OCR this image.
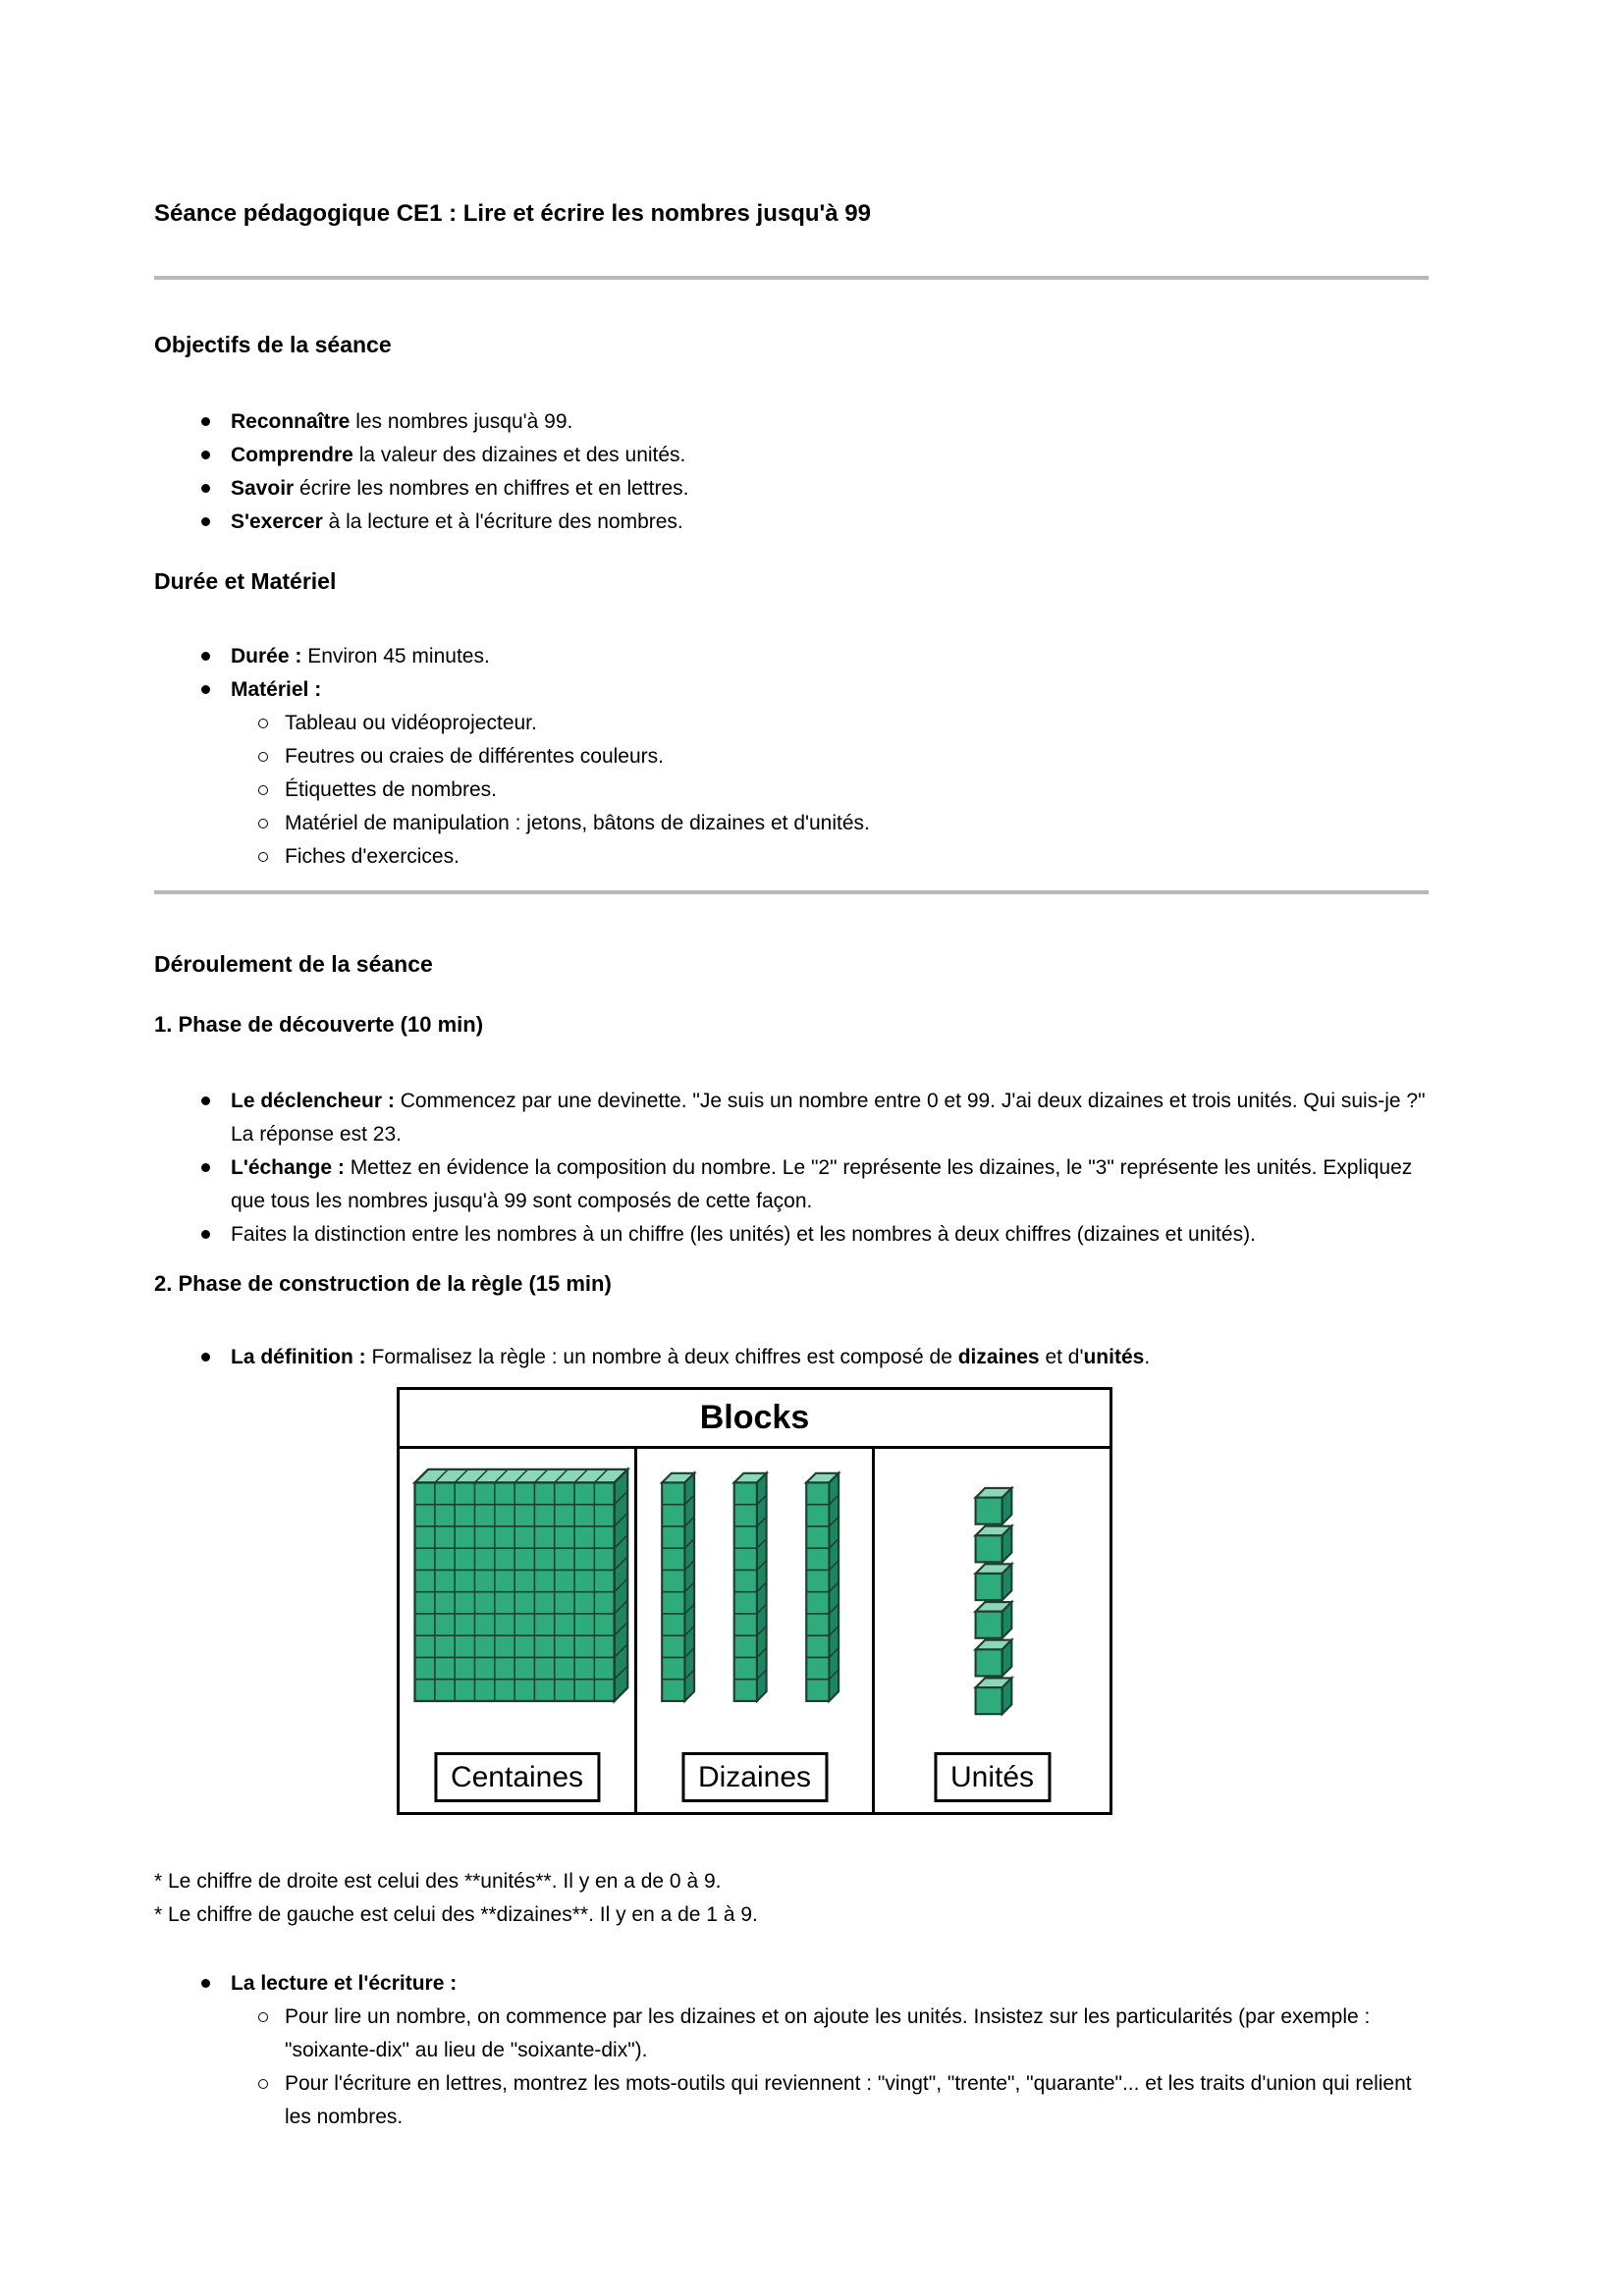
Séance pédagogique CE1 : Lire et écrire les nombres jusqu'à 99
Objectifs de la séance
Reconnaître les nombres jusqu'à 99.
Comprendre la valeur des dizaines et des unités.
Savoir écrire les nombres en chiffres et en lettres.
S'exercer à la lecture et à l'écriture des nombres.
Durée et Matériel
Durée : Environ 45 minutes.
Matériel :
Tableau ou vidéoprojecteur.
Feutres ou craies de différentes couleurs.
Étiquettes de nombres.
Matériel de manipulation : jetons, bâtons de dizaines et d'unités.
Fiches d'exercices.
Déroulement de la séance
1. Phase de découverte (10 min)
Le déclencheur : Commencez par une devinette. "Je suis un nombre entre 0 et 99. J'ai deux dizaines et trois unités. Qui suis-je ?" La réponse est 23.
L'échange : Mettez en évidence la composition du nombre. Le "2" représente les dizaines, le "3" représente les unités. Expliquez que tous les nombres jusqu'à 99 sont composés de cette façon.
Faites la distinction entre les nombres à un chiffre (les unités) et les nombres à deux chiffres (dizaines et unités).
2. Phase de construction de la règle (15 min)
La définition : Formalisez la règle : un nombre à deux chiffres est composé de dizaines et d'unités.
Blocks
Centaines	Dizaines	Unités
* Le chiffre de droite est celui des **unités**. Il y en a de 0 à 9.
* Le chiffre de gauche est celui des **dizaines**. Il y en a de 1 à 9.
La lecture et l'écriture :
Pour lire un nombre, on commence par les dizaines et on ajoute les unités. Insistez sur les particularités (par exemple : "soixante-dix" au lieu de "soixante-dix").
Pour l'écriture en lettres, montrez les mots-outils qui reviennent : "vingt", "trente", "quarante"... et les traits d'union qui relient les nombres.
